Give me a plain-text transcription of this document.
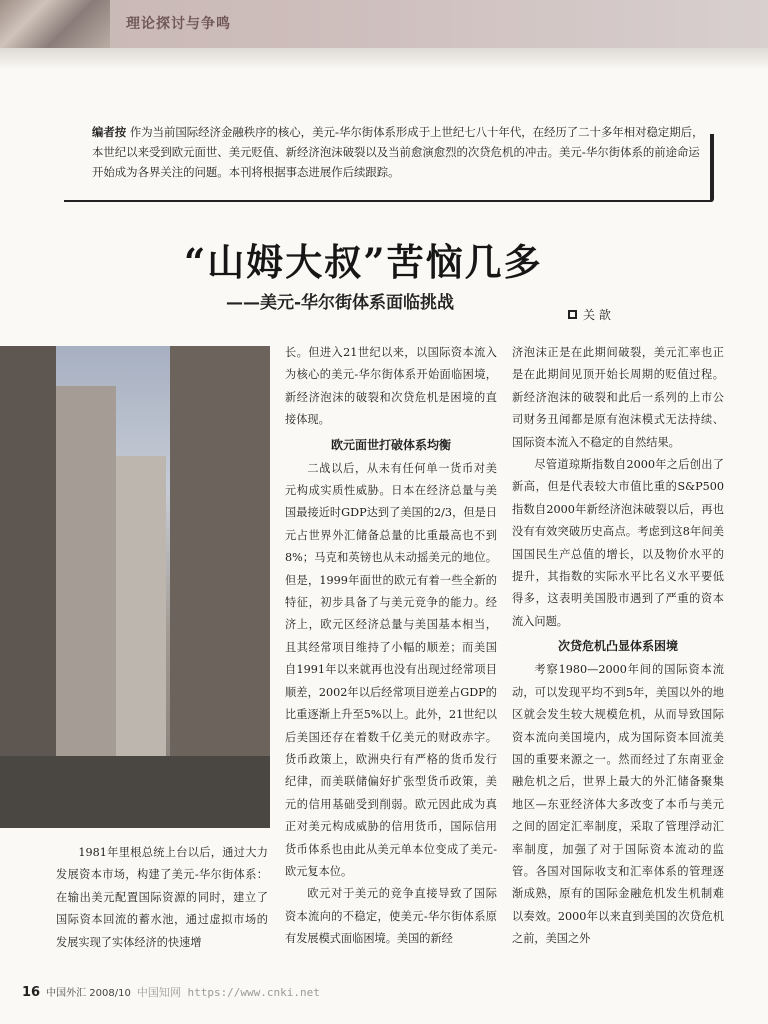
理论探讨与争鸣
编者按 作为当前国际经济金融秩序的核心，美元-华尔街体系形成于上世纪七八十年代，在经历了二十多年相对稳定期后，本世纪以来受到欧元面世、美元贬值、新经济泡沫破裂以及当前愈演愈烈的次贷危机的冲击。美元-华尔街体系的前途命运开始成为各界关注的问题。本刊将根据事态进展作后续跟踪。
“山姆大叔”苦恼几多
——美元-华尔街体系面临挑战
关 歆

1981年里根总统上台以后，通过大力发展资本市场，构建了美元-华尔街体系：在输出美元配置国际资源的同时，建立了国际资本回流的蓄水池，通过虚拟市场的发展实现了实体经济的快速增

长。但进入21世纪以来，以国际资本流入为核心的美元-华尔街体系开始面临困境，新经济泡沫的破裂和次贷危机是困境的直接体现。

欧元面世打破体系均衡

二战以后，从未有任何单一货币对美元构成实质性威胁。日本在经济总量与美国最接近时GDP达到了美国的2/3，但是日元占世界外汇储备总量的比重最高也不到8%；马克和英镑也从未动摇美元的地位。但是，1999年面世的欧元有着一些全新的特征，初步具备了与美元竞争的能力。经济上，欧元区经济总量与美国基本相当，且其经常项目维持了小幅的顺差；而美国自1991年以来就再也没有出现过经常项目顺差，2002年以后经常项目逆差占GDP的比重逐渐上升至5%以上。此外，21世纪以后美国还存在着数千亿美元的财政赤字。货币政策上，欧洲央行有严格的货币发行纪律，而美联储偏好扩张型货币政策，美元的信用基础受到削弱。欧元因此成为真正对美元构成威胁的信用货币，国际信用货币体系也由此从美元单本位变成了美元-欧元复本位。

欧元对于美元的竞争直接导致了国际资本流向的不稳定，使美元-华尔街体系原有发展模式面临困境。美国的新经

济泡沫正是在此期间破裂，美元汇率也正是在此期间见顶开始长周期的贬值过程。新经济泡沫的破裂和此后一系列的上市公司财务丑闻都是原有泡沫模式无法持续、国际资本流入不稳定的自然结果。

尽管道琼斯指数自2000年之后创出了新高，但是代表较大市值比重的S&P500指数自2000年新经济泡沫破裂以后，再也没有有效突破历史高点。考虑到这8年间美国国民生产总值的增长，以及物价水平的提升，其指数的实际水平比名义水平要低得多，这表明美国股市遇到了严重的资本流入问题。

次贷危机凸显体系困境

考察1980—2000年间的国际资本流动，可以发现平均不到5年，美国以外的地区就会发生较大规模危机，从而导致国际资本流向美国境内，成为国际资本回流美国的重要来源之一。然而经过了东南亚金融危机之后，世界上最大的外汇储备聚集地区—东亚经济体大多改变了本币与美元之间的固定汇率制度，采取了管理浮动汇率制度，加强了对于国际资本流动的监管。各国对国际收支和汇率体系的管理逐渐成熟，原有的国际金融危机发生机制难以奏效。2000年以来直到美国的次贷危机之前，美国之外

16 中国外汇 2008/10 中国知网 https://www.cnki.net
